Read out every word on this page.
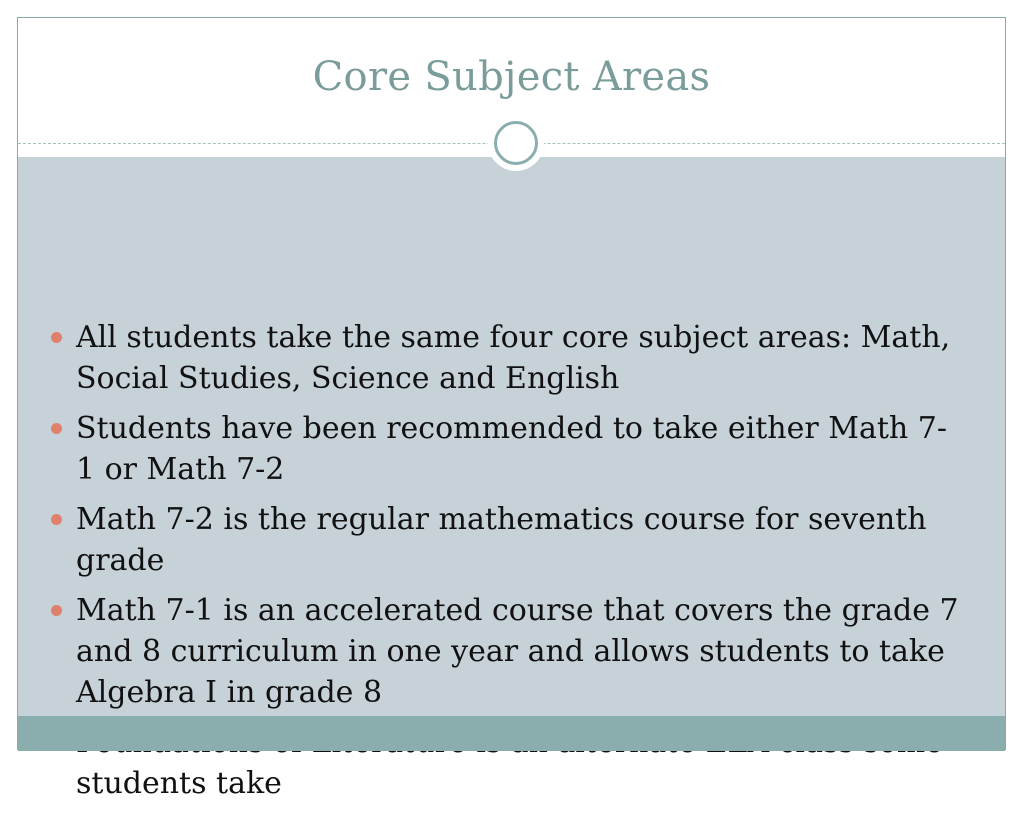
Core Subject Areas
All students take the same four core subject areas: Math, Social Studies, Science and English
Students have been recommended to take either Math 7-1 or Math 7-2
Math 7-2 is the regular mathematics course for seventh grade
Math 7-1 is an accelerated course that covers the grade 7 and 8 curriculum in one year and allows students to take Algebra I in grade 8
students take
